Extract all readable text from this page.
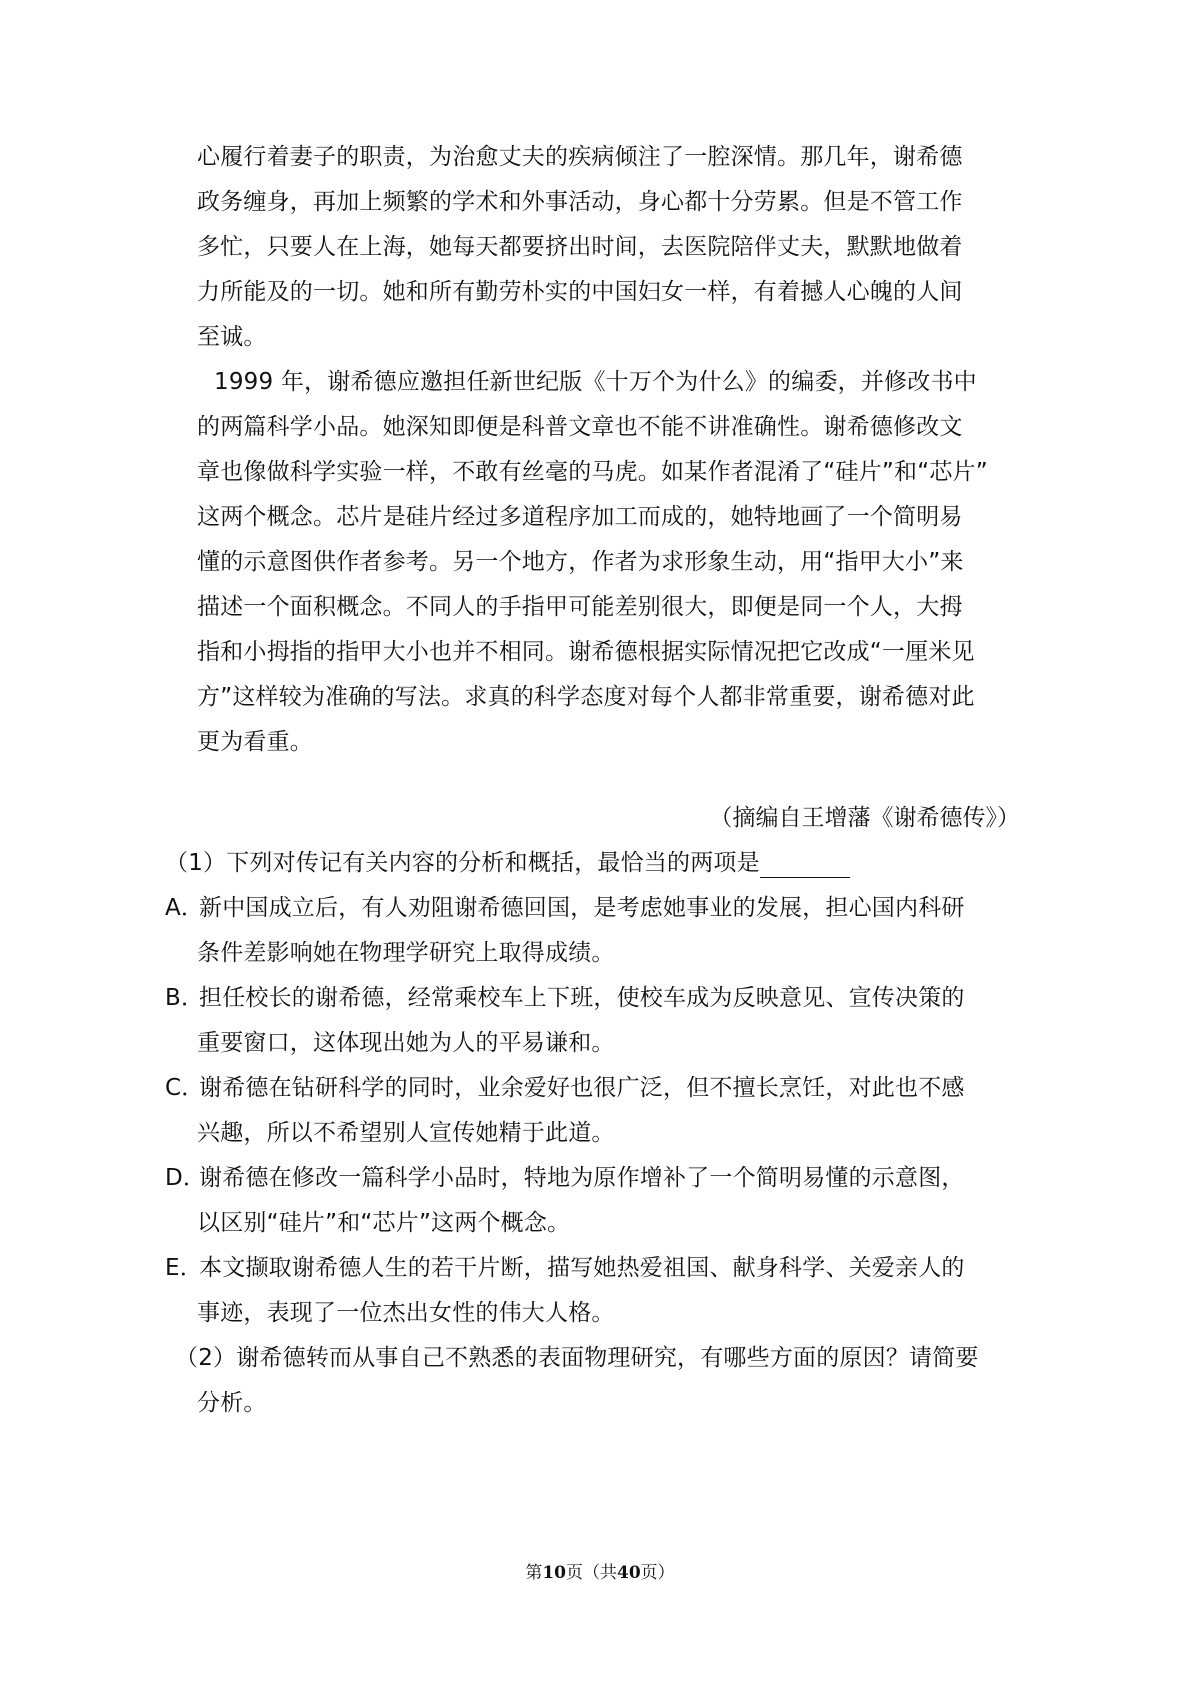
心履行着妻子的职责，为治愈丈夫的疾病倾注了一腔深情。那几年，谢希德
政务缠身，再加上频繁的学术和外事活动，身心都十分劳累。但是不管工作
多忙，只要人在上海，她每天都要挤出时间，去医院陪伴丈夫，默默地做着
力所能及的一切。她和所有勤劳朴实的中国妇女一样，有着撼人心魄的人间
至诚。
1999 年，谢希德应邀担任新世纪版《十万个为什么》的编委，并修改书中
的两篇科学小品。她深知即便是科普文章也不能不讲准确性。谢希德修改文
章也像做科学实验一样，不敢有丝毫的马虎。如某作者混淆了“硅片”和“芯片”
这两个概念。芯片是硅片经过多道程序加工而成的，她特地画了一个简明易
懂的示意图供作者参考。另一个地方，作者为求形象生动，用“指甲大小”来
描述一个面积概念。不同人的手指甲可能差别很大，即便是同一个人，大拇
指和小拇指的指甲大小也并不相同。谢希德根据实际情况把它改成“一厘米见
方”这样较为准确的写法。求真的科学态度对每个人都非常重要，谢希德对此
更为看重。
（摘编自王增藩《谢希德传》）
（1）下列对传记有关内容的分析和概括，最恰当的两项是
A．新中国成立后，有人劝阻谢希德回国，是考虑她事业的发展，担心国内科研
条件差影响她在物理学研究上取得成绩。
B．担任校长的谢希德，经常乘校车上下班，使校车成为反映意见、宣传决策的
重要窗口，这体现出她为人的平易谦和。
C．谢希德在钻研科学的同时，业余爱好也很广泛，但不擅长烹饪，对此也不感
兴趣，所以不希望别人宣传她精于此道。
D．谢希德在修改一篇科学小品时，特地为原作增补了一个简明易懂的示意图，
以区别“硅片”和“芯片”这两个概念。
E．本文撷取谢希德人生的若干片断，描写她热爱祖国、献身科学、关爱亲人的
事迹，表现了一位杰出女性的伟大人格。
（2）谢希德转而从事自己不熟悉的表面物理研究，有哪些方面的原因？请简要
分析。
第10页（共40页）
